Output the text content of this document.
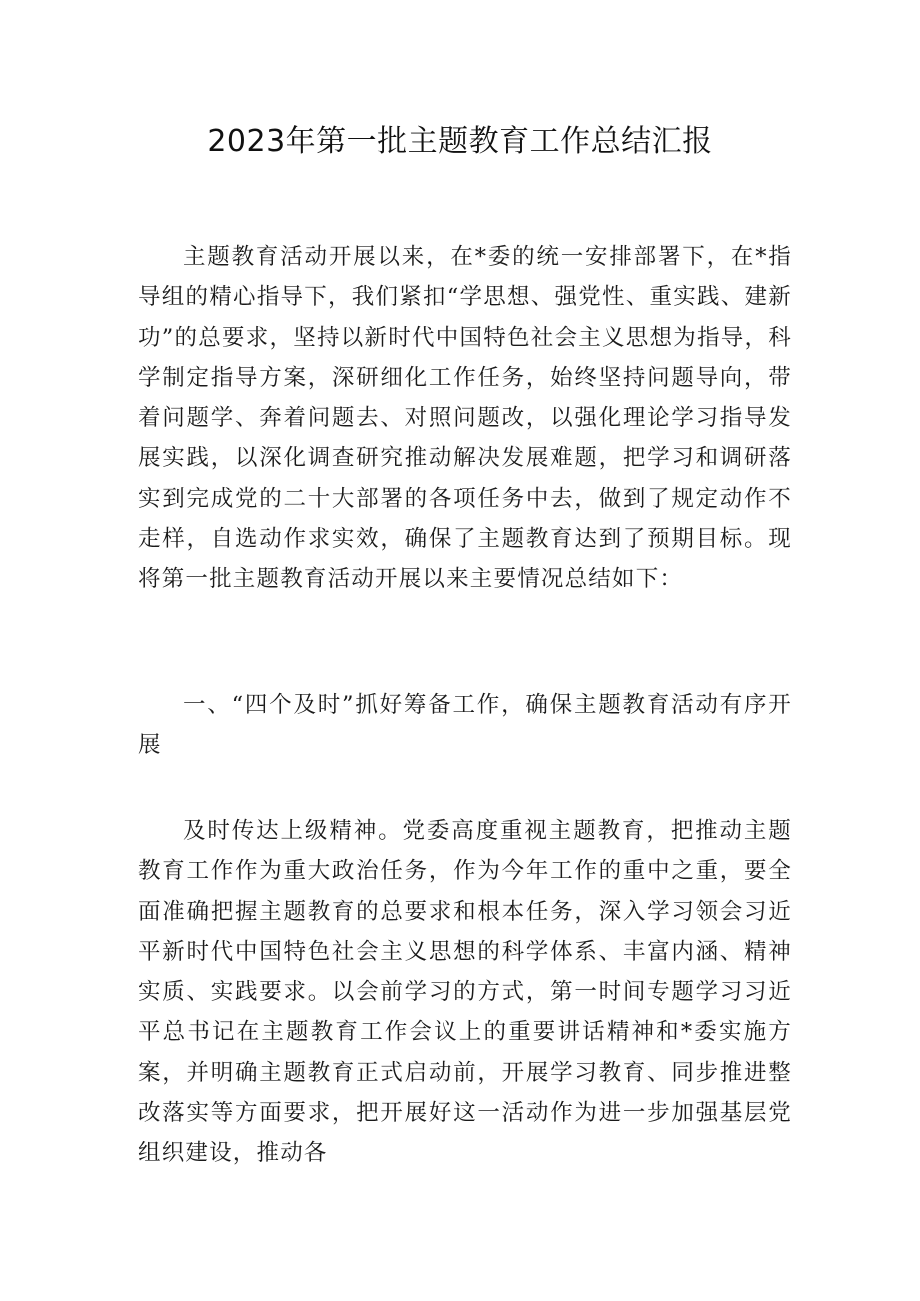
2023年第一批主题教育工作总结汇报

主题教育活动开展以来，在*委的统一安排部署下，在*指导组的精心指导下，我们紧扣“学思想、强党性、重实践、建新功”的总要求，坚持以新时代中国特色社会主义思想为指导，科学制定指导方案，深研细化工作任务，始终坚持问题导向，带着问题学、奔着问题去、对照问题改，以强化理论学习指导发展实践，以深化调查研究推动解决发展难题，把学习和调研落实到完成党的二十大部署的各项任务中去，做到了规定动作不走样，自选动作求实效，确保了主题教育达到了预期目标。现将第一批主题教育活动开展以来主要情况总结如下：

一、“四个及时”抓好筹备工作，确保主题教育活动有序开展

及时传达上级精神。党委高度重视主题教育，把推动主题教育工作作为重大政治任务，作为今年工作的重中之重，要全面准确把握主题教育的总要求和根本任务，深入学习领会习近平新时代中国特色社会主义思想的科学体系、丰富内涵、精神实质、实践要求。以会前学习的方式，第一时间专题学习习近平总书记在主题教育工作会议上的重要讲话精神和*委实施方案，并明确主题教育正式启动前，开展学习教育、同步推进整改落实等方面要求，把开展好这一活动作为进一步加强基层党组织建设，推动各
